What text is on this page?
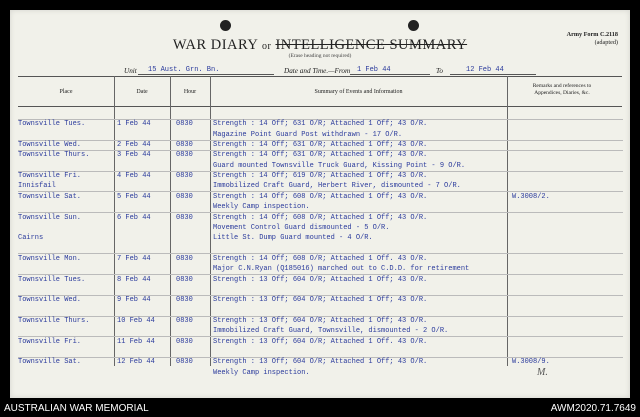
Army Form C.2118
(adapted)
WAR DIARY or INTELLIGENCE SUMMARY
(Erase heading not required)
Unit 15 Aust. Grn. Bn.	Date and Time.—From 1 Feb 44	To	12 Feb 44
Place	Date	Hour	Summary of Events and Information
Remarks and references to
Appendices, Diaries, &c.
Townsville Tues.	1 Feb 44	0830	Strength : 14 Off; 631 O/R; Attached 1 Off; 43 O/R.
Magazine Point Guard Post withdrawn - 17 O/R.
Townsville Wed.	2 Feb 44	0830	Strength : 14 Off; 631 O/R; Attached 1 Off; 43 O/R.
Townsville Thurs.	3 Feb 44	0830	Strength : 14 Off; 631 O/R; Attached 1 Off; 43 O/R.
Guard mounted Townsville Truck Guard, Kissing Point - 9 O/R.
Townsville Fri.	4 Feb 44	0830	Strength : 14 Off; 619 O/R; Attached 1 Off; 43 O/R.
Innisfail	Immobilized Craft Guard, Herbert River, dismounted - 7 O/R.
Townsville Sat.	5 Feb 44	0830	Strength : 14 Off; 608 O/R; Attached 1 Off; 43 O/R.	W.3008/2.
Weekly Camp inspection.
Townsville Sun.	6 Feb 44	0830	Strength : 14 Off; 608 O/R; Attached 1 Off; 43 O/R.
Movement Control Guard dismounted - 5 O/R.
Cairns	Little St. Dump Guard mounted - 4 O/R.
Townsville Mon.	7 Feb 44	0830	Strength : 14 Off; 608 O/R; Attached 1 Off. 43 O/R.
Major C.N.Ryan (Q185016) marched out to C.D.D. for retirement
Townsville Tues.	8 Feb 44	0830	Strength : 13 Off; 604 O/R; Attached 1 Off; 43 O/R.
Townsville Wed.	9 Feb 44	0830	Strength : 13 Off; 604 O/R; Attached 1 Off; 43 O/R.
Townsville Thurs.	10 Feb 44	0830	Strength : 13 Off; 604 O/R; Attached 1 Off; 43 O/R.
Immobilized Craft Guard, Townsville, dismounted - 2 O/R.
Townsville Fri.	11 Feb 44	0830	Strength : 13 Off; 604 O/R; Attached 1 Off. 43 O/R.
Townsville Sat.	12 Feb 44	0830	Strength : 13 Off; 604 O/R; Attached 1 Off; 43 O/R.	W.3008/9.
Weekly Camp inspection.	M.
AUSTRALIAN WAR MEMORIAL	AWM2020.71.7649
